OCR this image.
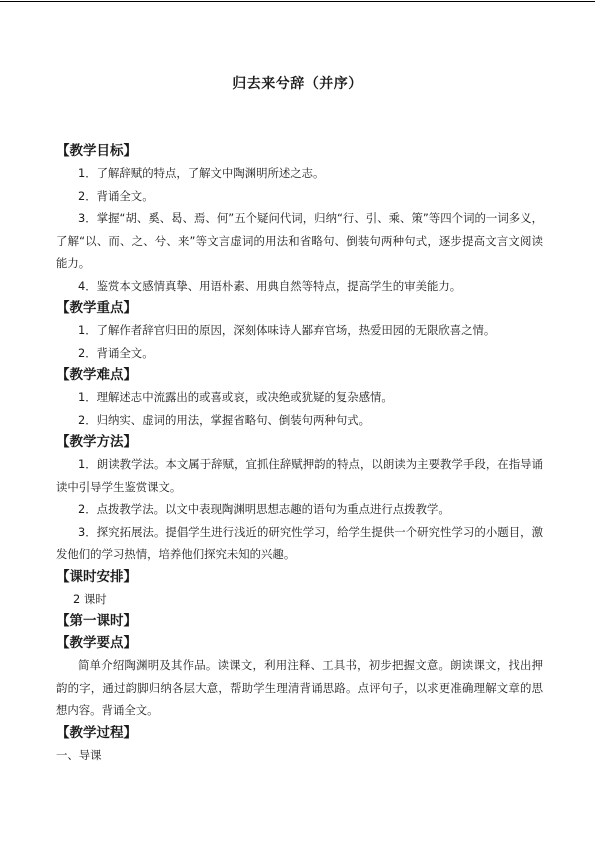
归去来兮辞（并序）
【教学目标】

1．了解辞赋的特点，了解文中陶渊明所述之志。

2．背诵全文。

3．掌握“胡、奚、曷、焉、何”五个疑问代词，归纳“行、引、乘、策”等四个词的一词多义，了解“以、而、之、兮、来”等文言虚词的用法和省略句、倒装句两种句式，逐步提高文言文阅读能力。

4．鉴赏本文感情真挚、用语朴素、用典自然等特点，提高学生的审美能力。

【教学重点】

1．了解作者辞官归田的原因，深刻体味诗人鄙弃官场，热爱田园的无限欣喜之情。

2．背诵全文。

【教学难点】

1．理解述志中流露出的或喜或哀，或决绝或犹疑的复杂感情。

2．归纳实、虚词的用法，掌握省略句、倒装句两种句式。

【教学方法】

1．朗读教学法。本文属于辞赋，宜抓住辞赋押韵的特点，以朗读为主要教学手段，在指导诵读中引导学生鉴赏课文。

2．点拨教学法。以文中表现陶渊明思想志趣的语句为重点进行点拨教学。

3．探究拓展法。提倡学生进行浅近的研究性学习，给学生提供一个研究性学习的小题目，激发他们的学习热情，培养他们探究未知的兴趣。

【课时安排】

2 课时

【第一课时】
【教学要点】

简单介绍陶渊明及其作品。读课文，利用注释、工具书，初步把握文意。朗读课文，找出押韵的字，通过韵脚归纳各层大意，帮助学生理清背诵思路。点评句子，以求更准确理解文章的思想内容。背诵全文。

【教学过程】

一、导课
